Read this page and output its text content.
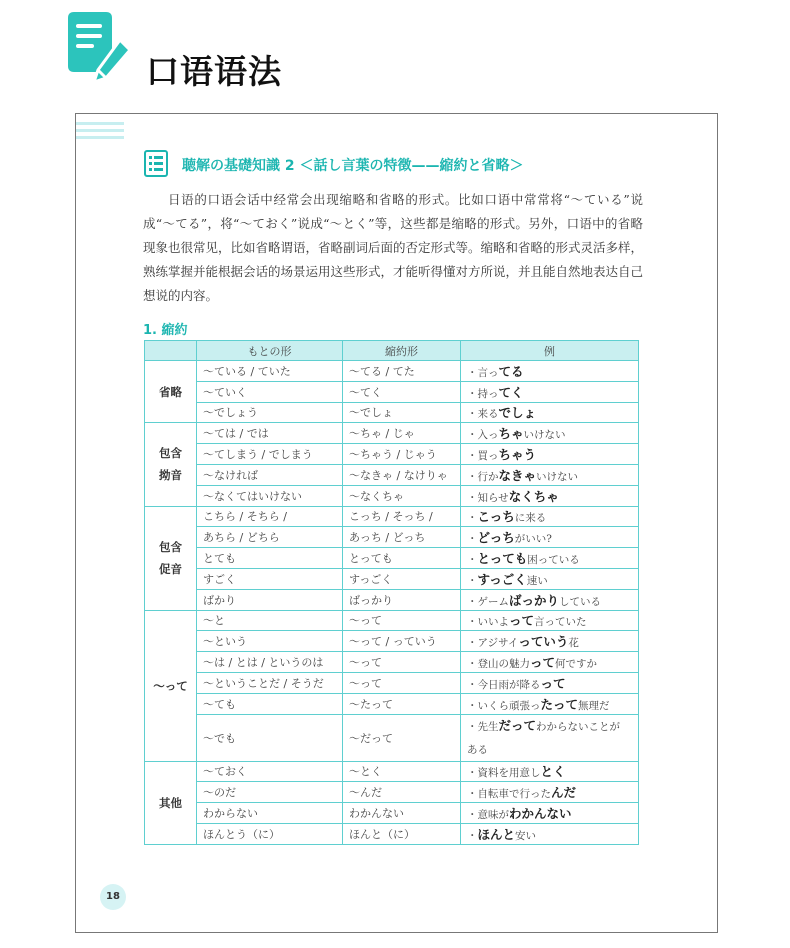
口语语法
聴解の基礎知識 2 ＜話し言葉の特徴——縮約と省略＞

日语的口语会话中经常会出现缩略和省略的形式。比如口语中常常将“～ている”说成“～てる”，将“～ておく”说成“～とく”等，这些都是缩略的形式。另外，口语中的省略现象也很常见，比如省略谓语，省略副词后面的否定形式等。缩略和省略的形式灵活多样，熟练掌握并能根据会话的场景运用这些形式，才能听得懂对方所说，并且能自然地表达自己想说的内容。

1. 縮約
	もとの形	縮約形	例

省略	～ている / ていた	～てる / てた	・言ってる
	～ていく	～てく	・持ってく
	～でしょう	～でしょ	・来るでしょ

包含
拗音	～ては / では	～ちゃ / じゃ	・入っちゃいけない
	～てしまう / でしまう	～ちゃう / じゃう	・買っちゃう
	～なければ	～なきゃ / なけりゃ	・行かなきゃいけない
	～なくてはいけない	～なくちゃ	・知らせなくちゃ

包含
促音	こちら / そちら /	こっち / そっち /	・こっちに来る

	あちら / どちら	あっち / どっち	・どっちがいい?
	とても	とっても	・とっても困っている
	すごく	すっごく	・すっごく速い
	ばかり	ばっかり	・ゲームばっかりしている

～って	～と	～って	・いいよって言っていた
	～という	～って / っていう	・アジサイっていう花
	～は / とは / というのは	～って	・登山の魅力って何ですか
	～ということだ / そうだ	～って	・今日雨が降るって
	～ても	～たって	・いくら頑張ったって無理だ
	～でも	～だって	・先生だってわからないことが
ある

其他	～ておく	～とく	・資料を用意しとく
	～のだ	～んだ	・自転車で行ったんだ
	わからない	わかんない	・意味がわかんない
	ほんとう（に）	ほんと（に）	・ほんと安い
18
